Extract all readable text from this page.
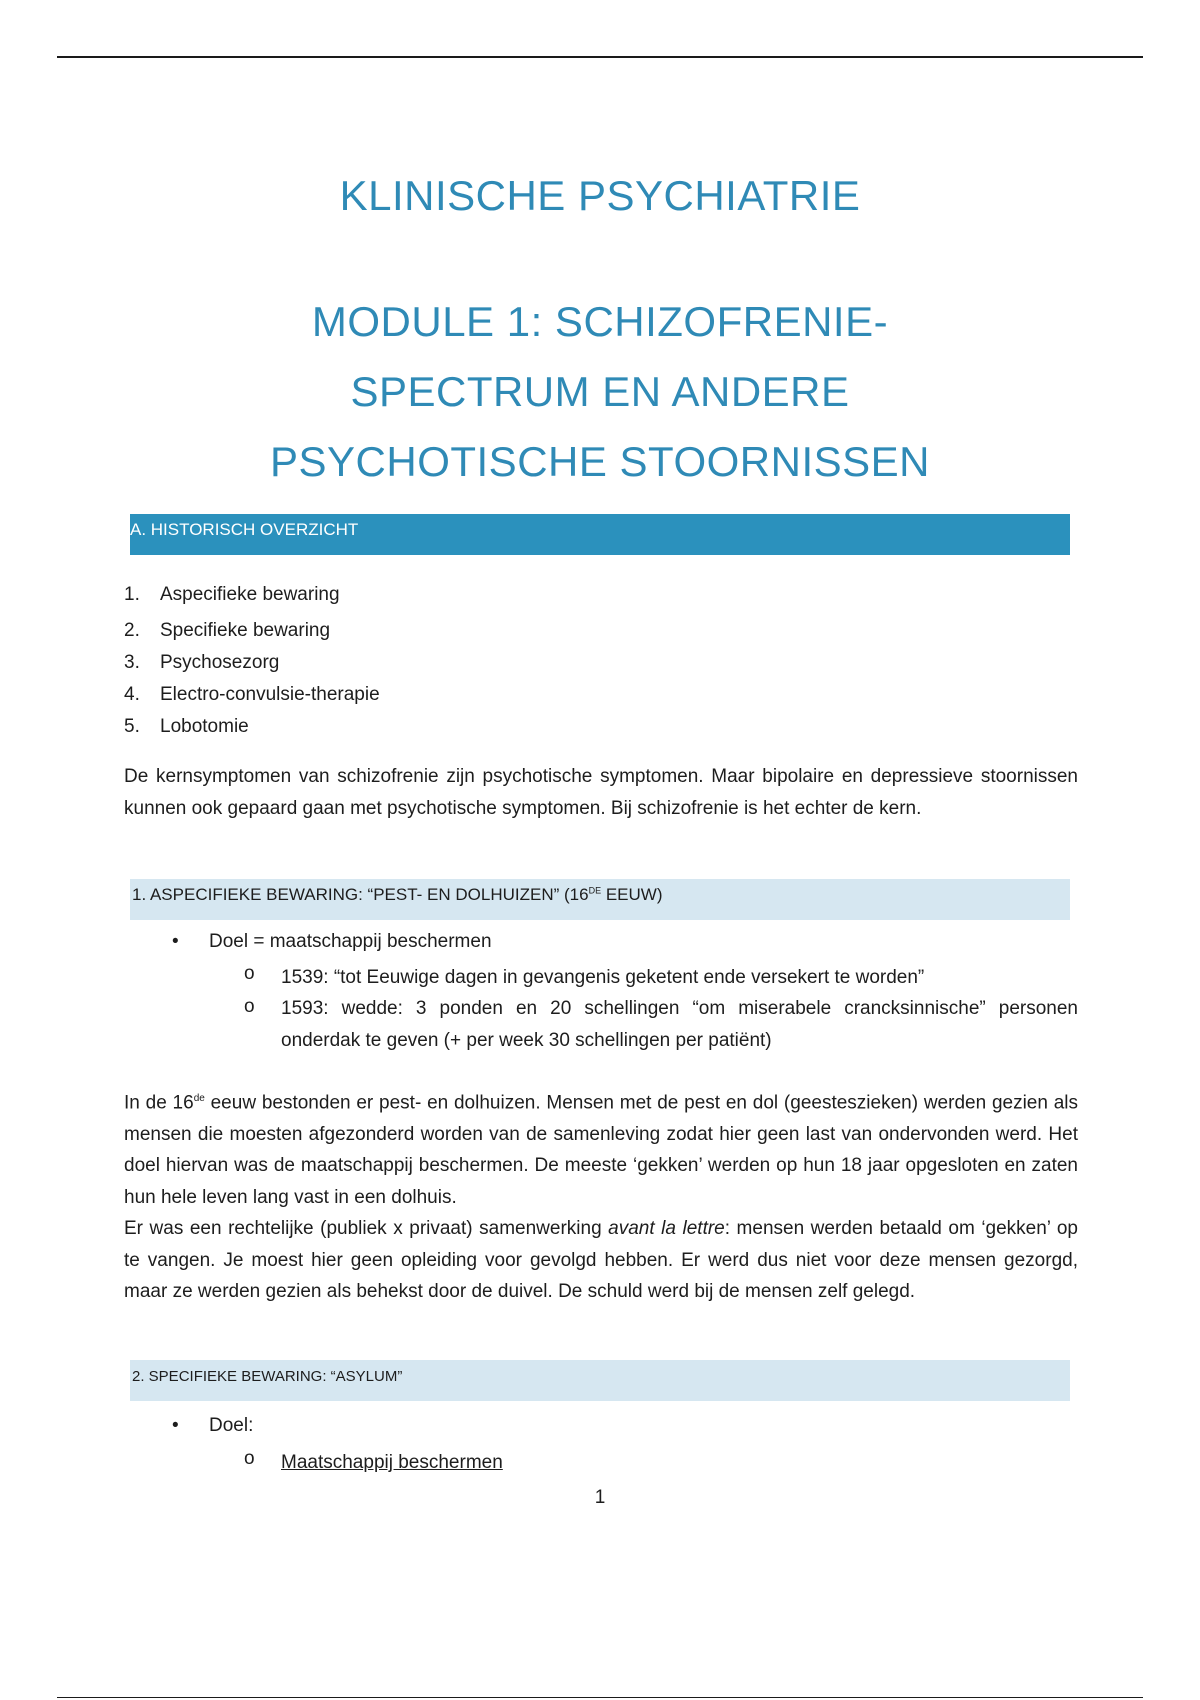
KLINISCHE PSYCHIATRIE
MODULE 1: SCHIZOFRENIE-
SPECTRUM EN ANDERE
PSYCHOTISCHE STOORNISSEN
A. HISTORISCH OVERZICHT
1.	Aspecifieke bewaring
2.	Specifieke bewaring
3.	Psychosezorg
4.	Electro-convulsie-therapie
5.	Lobotomie
De kernsymptomen van schizofrenie zijn psychotische symptomen. Maar bipolaire en depressieve stoornissen kunnen ook gepaard gaan met psychotische symptomen. Bij schizofrenie is het echter de kern.
1. ASPECIFIEKE BEWARING: “PEST- EN DOLHUIZEN” (16DE EEUW)
• Doel = maatschappij beschermen
o 1539: “tot Eeuwige dagen in gevangenis geketent ende versekert te worden”
o 1593: wedde: 3 ponden en 20 schellingen “om miserabele crancksinnische” personen onderdak te geven (+ per week 30 schellingen per patiënt)
In de 16de eeuw bestonden er pest- en dolhuizen. Mensen met de pest en dol (geesteszieken) werden gezien als mensen die moesten afgezonderd worden van de samenleving zodat hier geen last van ondervonden werd. Het doel hiervan was de maatschappij beschermen. De meeste ‘gekken’ werden op hun 18 jaar opgesloten en zaten hun hele leven lang vast in een dolhuis.
Er was een rechtelijke (publiek x privaat) samenwerking avant la lettre: mensen werden betaald om ‘gekken’ op te vangen. Je moest hier geen opleiding voor gevolgd hebben. Er werd dus niet voor deze mensen gezorgd, maar ze werden gezien als behekst door de duivel. De schuld werd bij de mensen zelf gelegd.
2. SPECIFIEKE BEWARING: “ASYLUM”
• Doel:
o Maatschappij beschermen
1
